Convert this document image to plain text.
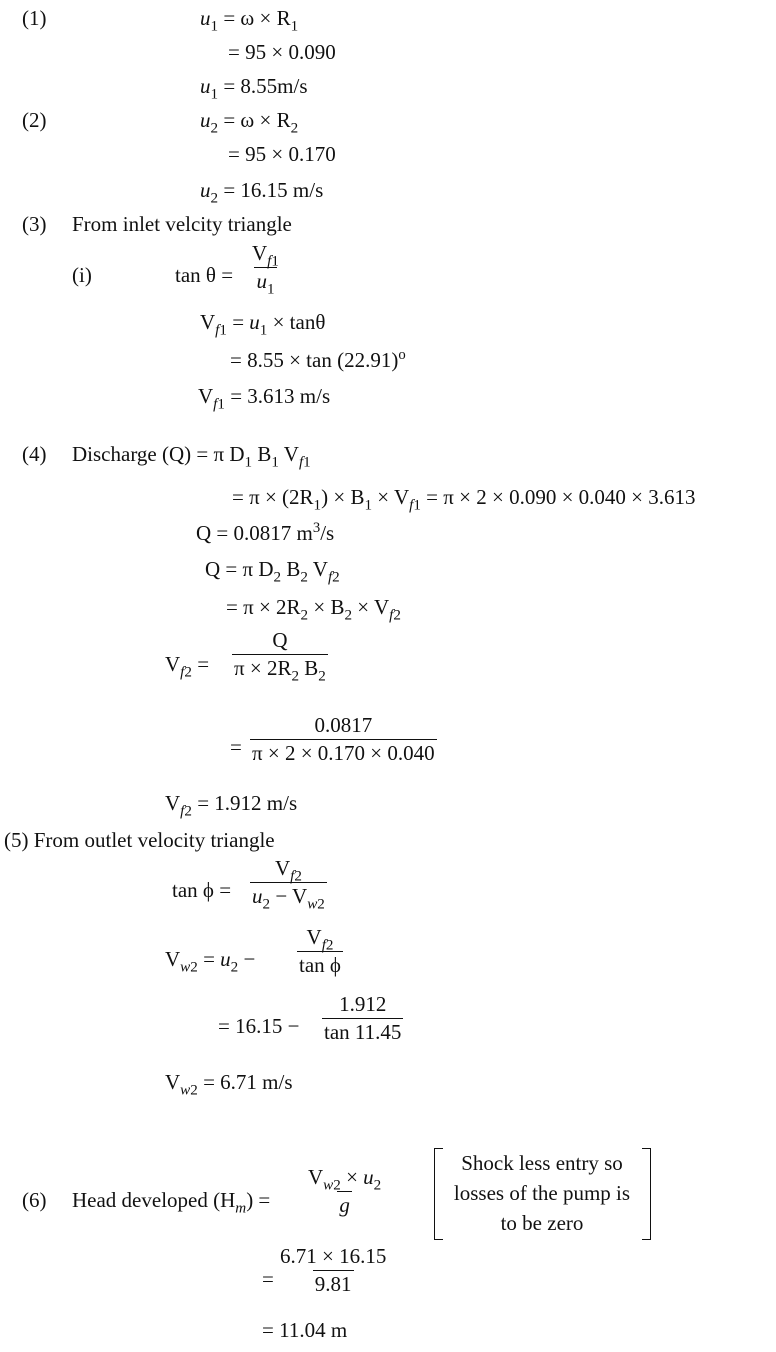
(1)	$u_1 = \omega \times R_1$
= 95 × 0.090
$u_1 = 8.55m/s$
(2)	$u_2 = \omega \times R_2$
= 95 × 0.170
$u_2 = 16.15$ m/s
(3) From inlet velcity triangle
(i)	$\tan \theta = \frac{V_{f1}}{u_1}$
$V_{f1} = u_1 \times \tan\theta$
= $8.55 \times \tan (22.91)^o$
$V_{f1} = 3.613$ m/s
(4) Discharge (Q) = π $D_1$ $B_1$ $V_{f1}$
= $\pi \times (2R_1) \times B_1 \times V_{f1} = \pi \times 2 \times 0.090 \times 0.040 \times 3.613$
Q = 0.0817 $m^3/s$
Q = π $D_2$ $B_2$ $V_{f2}$
= $\pi \times 2R_2 \times B_2 \times V_{f2}$
$V_{f2} = \frac{Q}{\pi \times 2R_2 B_2}$
= $\frac{0.0817}{\pi \times 2 \times 0.170 \times 0.040}$
$V_{f2} = 1.912$ m/s
(5) From outlet velocity triangle
$\tan \phi = \frac{V_{f2}}{u_2 - V_{w2}}$
$V_{w2} = u_2 - \frac{V_{f2}}{\text{tan ϕ}}$
= $16.15 - \frac{1.912}{\tan 11.45}$
$V_{w2} = 6.71$ m/s
(6) Head developed $(H_m) = \frac{V_{w2} \times u_2}{g}$
Shock less entry so
losses of the pump is
to be zero
= $\frac{6.71 \times 16.15}{9.81}$
= 11.04 m
